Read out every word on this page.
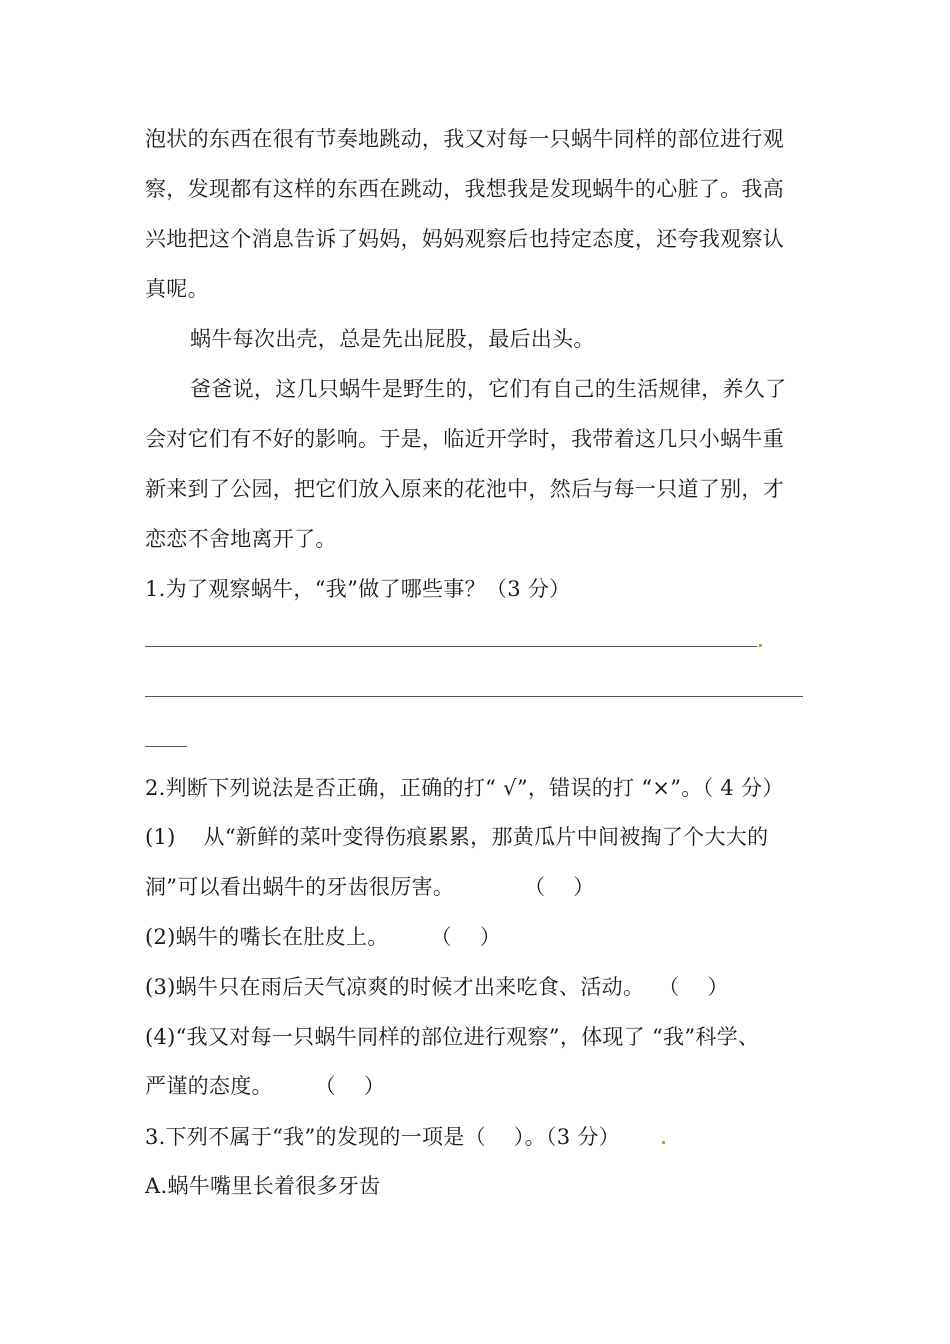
泡状的东西在很有节奏地跳动，我又对每一只蜗牛同样的部位进行观
察，发现都有这样的东西在跳动，我想我是发现蜗牛的心脏了。我高
兴地把这个消息告诉了妈妈，妈妈观察后也持定态度，还夸我观察认
真呢。
蜗牛每次出壳，总是先出屁股，最后出头。
爸爸说，这几只蜗牛是野生的，它们有自己的生活规律，养久了
会对它们有不好的影响。于是，临近开学时，我带着这几只小蜗牛重
新来到了公园，把它们放入原来的花池中，然后与每一只道了别，才
恋恋不舍地离开了。
1.为了观察蜗牛，“我”做了哪些事？（3 分）
2.判断下列说法是否正确，正确的打“ √”，错误的打 “×”。（ 4 分）
(1)    从“新鲜的菜叶变得伤痕累累，那黄瓜片中间被掏了个大大的
洞”可以看出蜗牛的牙齿很厉害。          （    ）
(2)蜗牛的嘴长在肚皮上。      （    ）
(3)蜗牛只在雨后天气凉爽的时候才出来吃食、活动。  （    ）
(4)“我又对每一只蜗牛同样的部位进行观察”，体现了 “我”科学、
严谨的态度。      （    ）
3.下列不属于“我”的发现的一项是（    ）。（3 分）
A.蜗牛嘴里长着很多牙齿
